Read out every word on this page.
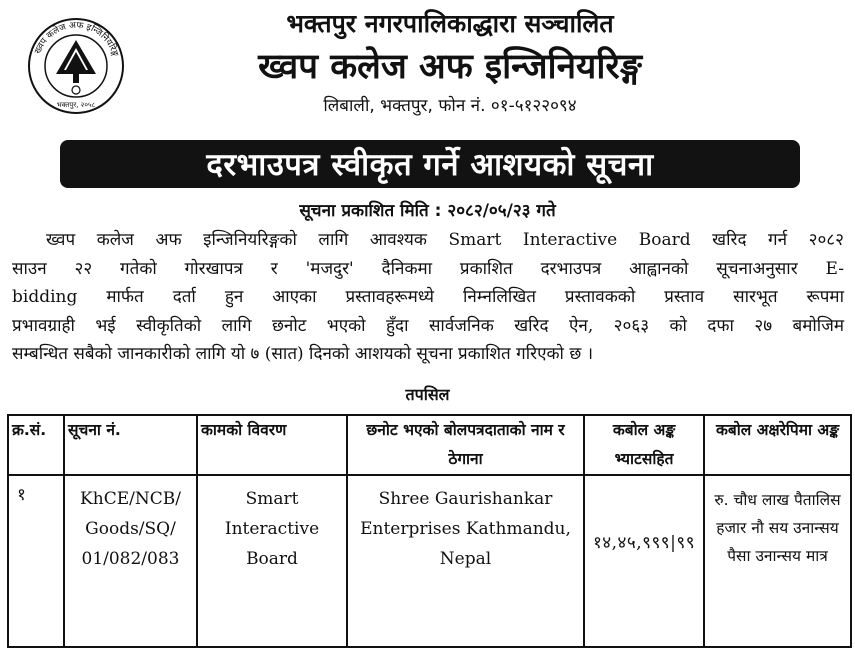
ख्वप कलेज अफ इन्जिनियरिङ्ग
भक्तपुर, २०५८
भक्तपुर नगरपालिकाद्धारा सञ्चालित
ख्वप कलेज अफ इन्जिनियरिङ्ग
लिबाली, भक्तपुर, फोन नं. ०१-५१२२०९४
दरभाउपत्र स्वीकृत गर्ने आशयको सूचना
सूचना प्रकाशित मिति : २०८२/०५/२३ गते
ख्वप कलेज अफ इन्जिनियरिङ्गको लागि आवश्यक Smart Interactive Board खरिद गर्न २०८२
साउन २२ गतेको गोरखापत्र र 'मजदुर' दैनिकमा प्रकाशित दरभाउपत्र आह्वानको सूचनाअनुसार E-
bidding मार्फत दर्ता हुन आएका प्रस्तावहरूमध्ये निम्नलिखित प्रस्तावकको प्रस्ताव सारभूत रूपमा
प्रभावग्राही भई स्वीकृतिको लागि छनोट भएको हुँदा सार्वजनिक खरिद ऐन, २०६३ को दफा २७ बमोजिम
सम्बन्धित सबैको जानकारीको लागि यो ७ (सात) दिनको आशयको सूचना प्रकाशित गरिएको छ ।
तपसिल
क्र.सं.	सूचना नं.	कामको विवरण	छनोट भएको बोलपत्रदाताको नाम र ठेगाना	कबोल अङ्क भ्याटसहित	कबोल अक्षरेपिमा अङ्क
१	KhCE/NCB/ Goods/SQ/ 01/082/083	Smart Interactive Board	Shree Gaurishankar Enterprises Kathmandu, Nepal	१४,४५,९९९|९९	रु. चौध लाख पैतालिस हजार नौ सय उनान्सय पैसा उनान्सय मात्र
